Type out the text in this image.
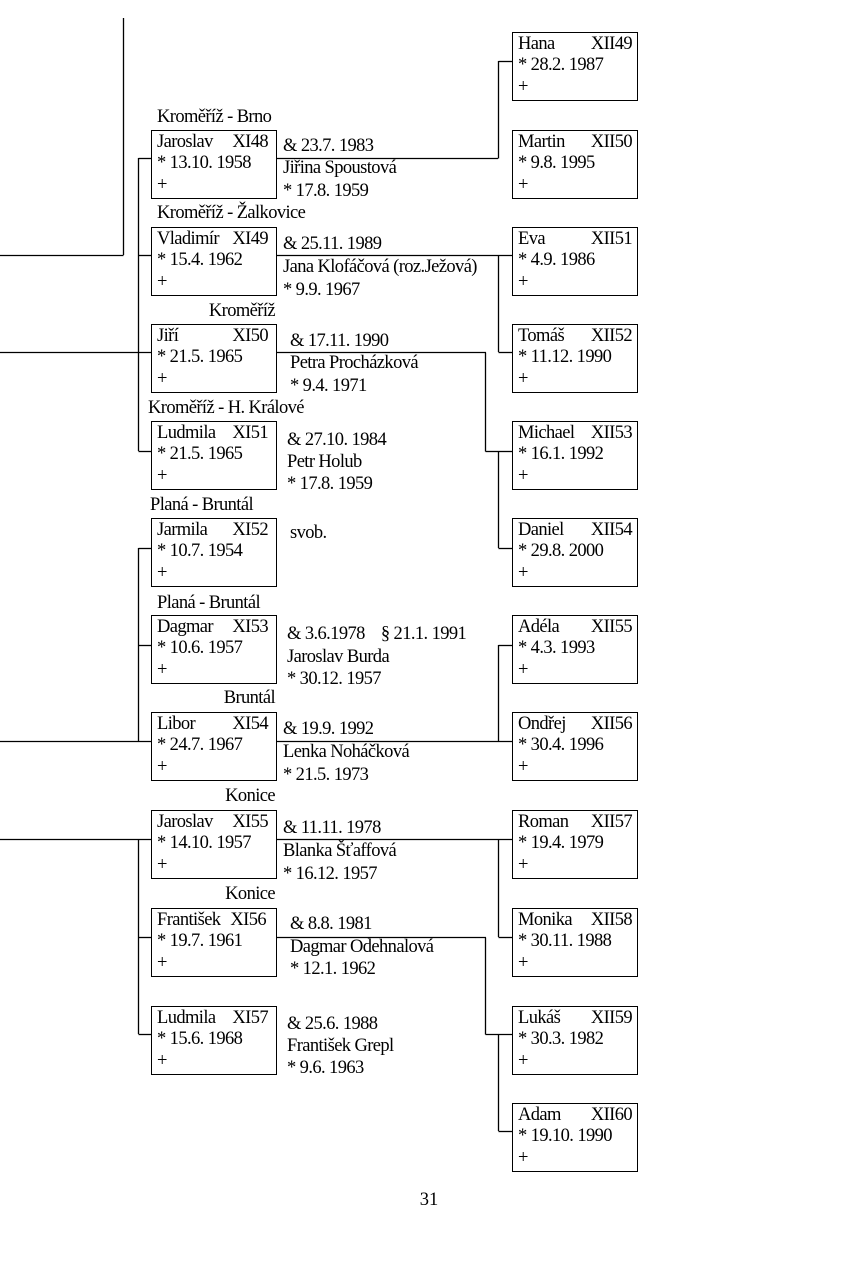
Kroměříž - Brno
Jaroslav XI48
* 13.10. 1958
+
& 23.7. 1983
Jiřina Spoustová
* 17.8. 1959
Kroměříž - Žalkovice
Vladimír XI49
* 15.4. 1962
+
& 25.11. 1989
Jana Klofáčová (roz.Ježová)
* 9.9. 1967
Kroměříž
Jiří	XI50
* 21.5. 1965
+
& 17.11. 1990
Petra Procházková
* 9.4. 1971
Kroměříž - H. Králové
Ludmila XI51
* 21.5. 1965
+
& 27.10. 1984
Petr Holub
* 17.8. 1959
Planá - Bruntál
Jarmila XI52
* 10.7. 1954
+
svob.
Planá - Bruntál
Dagmar XI53
* 10.6. 1957
+
& 3.6.1978    § 21.1. 1991
Jaroslav Burda
* 30.12. 1957
Bruntál
Libor XI54
* 24.7. 1967
+
& 19.9. 1992
Lenka Noháčková
* 21.5. 1973
Konice
Jaroslav XI55
* 14.10. 1957
+
& 11.11. 1978
Blanka Šťaffová
* 16.12. 1957
Konice
František XI56
* 19.7. 1961
+
& 8.8. 1981
Dagmar Odehnalová
* 12.1. 1962
Ludmila XI57
* 15.6. 1968
+
& 25.6. 1988
František Grepl
* 9.6. 1963
Hana XII49
* 28.2. 1987
+
Martin XII50
* 9.8. 1995
+
Eva XII51
* 4.9. 1986
+
Tomáš XII52
* 11.12. 1990
+
Michael XII53
* 16.1. 1992
+
Daniel XII54
* 29.8. 2000
+
Adéla XII55
* 4.3. 1993
+
Ondřej XII56
* 30.4. 1996
+
Roman XII57
* 19.4. 1979
+
Monika XII58
* 30.11. 1988
+
Lukáš XII59
* 30.3. 1982
+
Adam XII60
* 19.10. 1990
+
31
